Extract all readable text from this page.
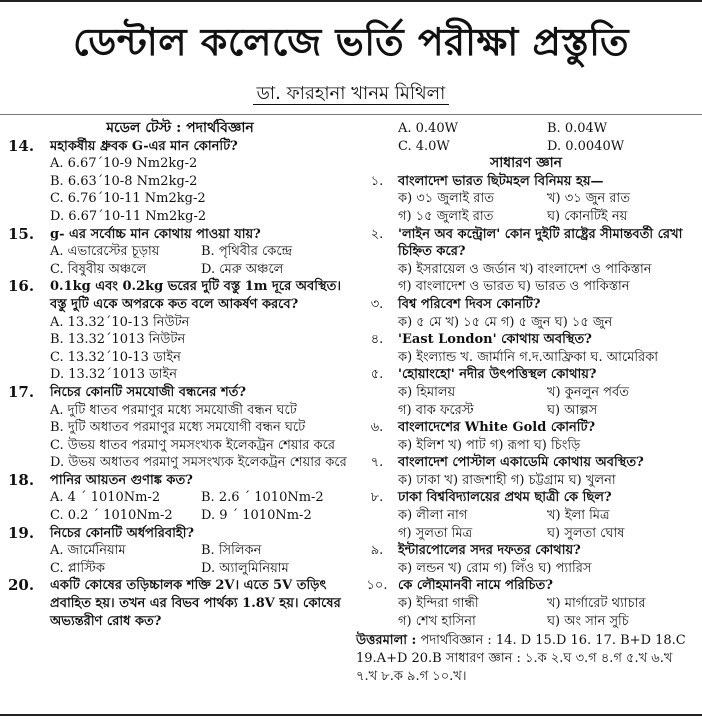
ডেন্টাল কলেজে ভর্তি পরীক্ষা প্রস্তুতি
ডা. ফারহানা খানম মিথিলা
মডেল টেস্ট : পদার্থবিজ্ঞান
14.	মহাকর্ষীয় ধ্রুবক G-এর মান কোনটি?
A. 6.67΄10-9 Nm2kg-2
B. 6.63΄10-8 Nm2kg-2
C. 6.76΄10-11 Nm2kg-2
D. 6.67΄10-11 Nm2kg-2
15.	g- এর সর্বোচ্চ মান কোথায় পাওয়া যায়?
A. এভারেস্টের চূড়ায়	B. পৃথিবীর কেন্দ্রে
C. বিষুবীয় অঞ্চলে	D. মেরু অঞ্চলে
16.	0.1kg এবং 0.2kg ভরের দুটি বস্তু 1m দূরে অবস্থিত। বস্তু দুটি একে অপরকে কত বলে আকর্ষণ করবে?
A. 13.32΄10-13 নিউটন
B. 13.32΄1013 নিউটন
C. 13.32΄10-13 ডাইন
D. 13.32΄1013 ডাইন
17.	নিচের কোনটি সমযোজী বন্ধনের শর্ত?
A. দুটি ধাতব পরমাণুর মধ্যে সমযোজী বন্ধন ঘটে
B. দুটি অধাতব পরমাণুর মধ্যে সমযোগী বন্ধন ঘটে
C. উভয় ধাতব পরমাণু সমসংখ্যক ইলেকট্রন শেয়ার করে
D. উভয় অধাতব পরমাণু সমসংখ্যক ইলেকট্রন শেয়ার করে
18.	পানির আয়তন গুণাঙ্ক কত?
A. 4 ΄ 1010Nm-2	B. 2.6 ΄ 1010Nm-2
C. 0.2 ΄ 1010Nm-2	D. 9 ΄ 1010Nm-2
19.	নিচের কোনটি অর্ধপরিবাহী?
A. জার্মেনিয়াম	B. সিলিকন
C. প্লাস্টিক	D. অ্যালুমিনিয়াম
20.	একটি কোষের তড়িচ্চালক শক্তি 2V। এতে 5V তড়িৎ প্রবাহিত হয়। তখন এর বিভব পার্থক্য 1.8V হয়। কোষের অভ্যন্তরীণ রোধ কত?
A. 0.40W	B. 0.04W
C. 4.0W	D. 0.0040W
সাধারণ জ্ঞান
১.	বাংলাদেশ ভারত ছিটমহল বিনিময় হয়—
ক) ৩১ জুলাই রাত	খ) ৩১ জুন রাত
গ) ১৫ জুলাই রাত	ঘ) কোনটিই নয়
২.	'লাইন অব কন্ট্রোল' কোন দুইটি রাষ্ট্রের সীমান্তবর্তী রেখা চিহ্নিত করে?
ক) ইসরায়েল ও জর্ডান খ) বাংলাদেশ ও পাকিস্তান
গ) বাংলাদেশ ও ভারত ঘ) ভারত ও পাকিস্তান
৩.	বিশ্ব পরিবেশ দিবস কোনটি?
ক) ৫ মে খ) ১৫ মে গ) ৫ জুন ঘ) ১৫ জুন
৪.	'East London' কোথায় অবস্থিত?
ক) ইংল্যান্ড খ. জার্মানি গ.দ.আফ্রিকা ঘ. আমেরিকা
৫.	'হোয়াংহো' নদীর উৎপত্তিস্থল কোথায়?
ক) হিমালয়	খ) কুনলুন পর্বত
গ) বাক ফরেস্ট	ঘ) আল্পস
৬.	বাংলাদেশের White Gold কোনটি?
ক) ইলিশ খ) পাট গ) রূপা ঘ) চিংড়ি
৭.	বাংলাদেশ পোস্টাল একাডেমি কোথায় অবস্থিত?
ক) ঢাকা খ) রাজশাহী গ) চট্টগ্রাম ঘ) খুলনা
৮.	ঢাকা বিশ্ববিদ্যালয়ের প্রথম ছাত্রী কে ছিল?
ক) লীলা নাগ	খ) ইলা মিত্র
গ) সুলতা মিত্র	ঘ) সুলতা ঘোষ
৯.	ইন্টারপোলের সদর দফতর কোথায়?
ক) লন্ডন খ) রোম গ) লিঁও ঘ) প্যারিস
১০. কে লৌহমানবী নামে পরিচিত?
ক) ইন্দিরা গান্ধী	খ) মার্গারেট থ্যাচার
গ) শেখ হাসিনা	ঘ) অং সান সুচি
উত্তরমালা : পদার্থবিজ্ঞান : 14. D 15.D 16. 17. B+D 18.C 19.A+D 20.B সাধারণ জ্ঞান : ১.ক ২.ঘ ৩.গ ৪.গ ৫.খ ৬.খ ৭.খ ৮.ক ৯.গ ১০.খ।
